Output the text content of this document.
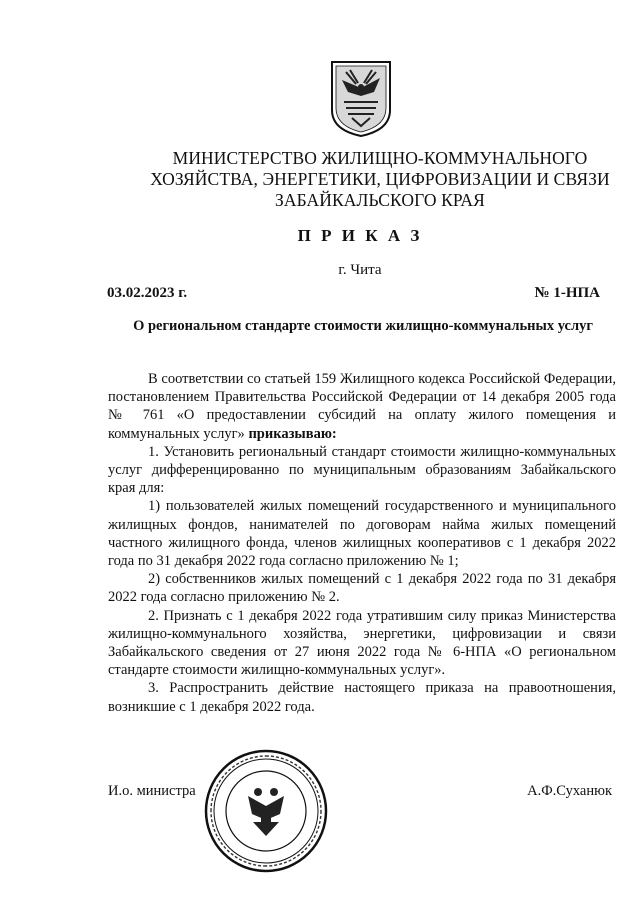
МИНИСТЕРСТВО ЖИЛИЩНО-КОММУНАЛЬНОГО
ХОЗЯЙСТВА, ЭНЕРГЕТИКИ, ЦИФРОВИЗАЦИИ И СВЯЗИ
ЗАБАЙКАЛЬСКОГО КРАЯ
П Р И К А З
г. Чита
03.02.2023 г.	№ 1-НПА
О региональном стандарте стоимости жилищно-коммунальных услуг

В соответствии со статьей 159 Жилищного кодекса Российской Федерации, постановлением Правительства Российской Федерации от 14 декабря 2005 года № 761 «О предоставлении субсидий на оплату жилого помещения и коммунальных услуг» приказываю:

1. Установить региональный стандарт стоимости жилищно-коммунальных услуг дифференцированно по муниципальным образованиям Забайкальского края для:

1) пользователей жилых помещений государственного и муниципального жилищных фондов, нанимателей по договорам найма жилых помещений частного жилищного фонда, членов жилищных кооперативов с 1 декабря 2022 года по 31 декабря 2022 года согласно приложению № 1;

2) собственников жилых помещений с 1 декабря 2022 года по 31 декабря 2022 года согласно приложению № 2.

2. Признать с 1 декабря 2022 года утратившим силу приказ Министерства жилищно-коммунального хозяйства, энергетики, цифровизации и связи Забайкальского сведения от 27 июня 2022 года № 6-НПА «О региональном стандарте стоимости жилищно-коммунальных услуг».

3. Распространить действие настоящего приказа на правоотношения, возникшие с 1 декабря 2022 года.

И.о. министра	А.Ф.Суханюк
